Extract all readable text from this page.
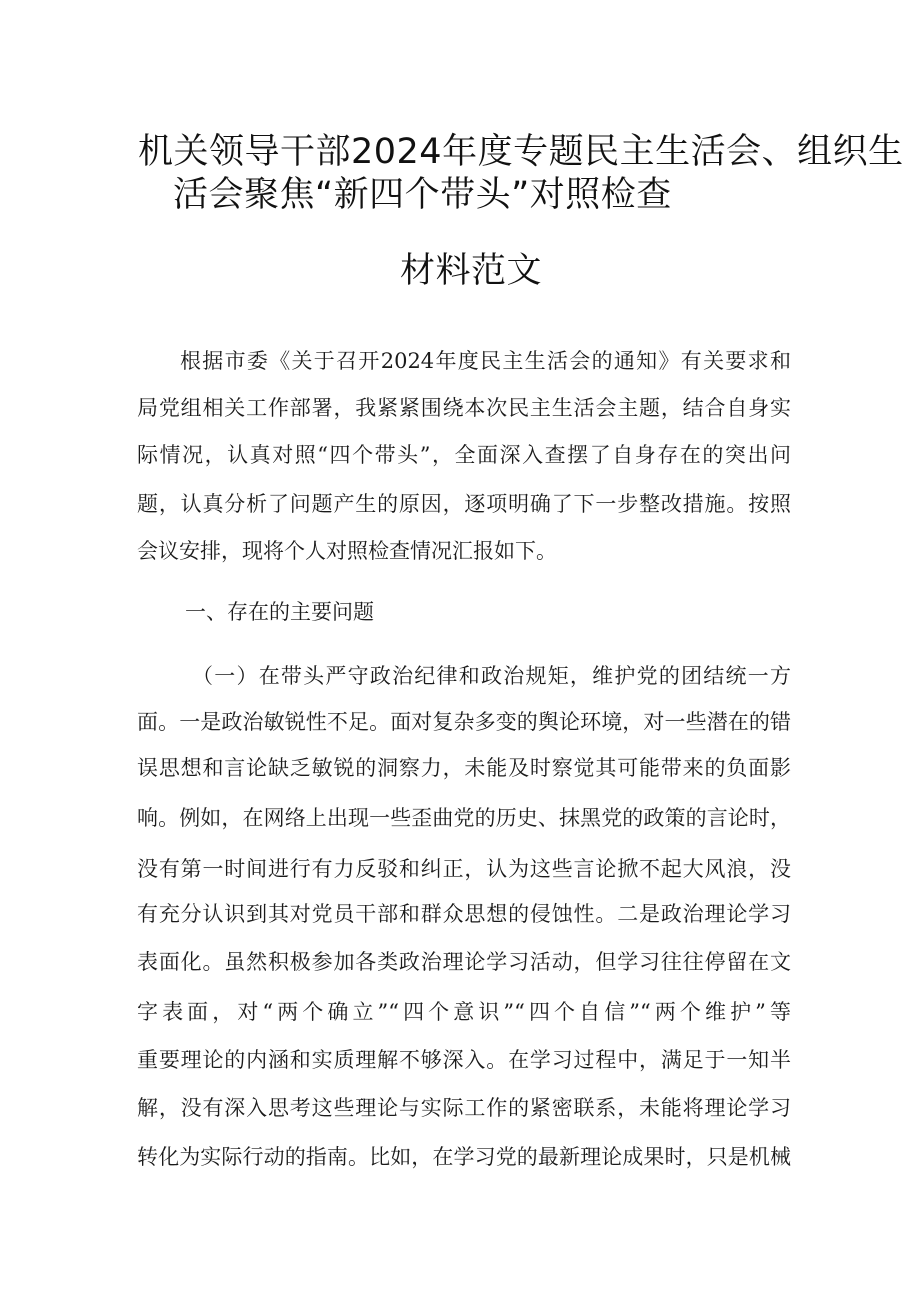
机关领导干部2024年度专题民主生活会、组织生
活会聚焦“新四个带头”对照检查
材料范文
根据市委《关于召开2024年度民主生活会的通知》有关要求和
局党组相关工作部署，我紧紧围绕本次民主生活会主题，结合自身实
际情况，认真对照“四个带头”，全面深入查摆了自身存在的突出问
题，认真分析了问题产生的原因，逐项明确了下一步整改措施。按照
会议安排，现将个人对照检查情况汇报如下。
一、存在的主要问题
（一）在带头严守政治纪律和政治规矩，维护党的团结统一方
面。一是政治敏锐性不足。面对复杂多变的舆论环境，对一些潜在的错
误思想和言论缺乏敏锐的洞察力，未能及时察觉其可能带来的负面影
响。例如，在网络上出现一些歪曲党的历史、抹黑党的政策的言论时，
没有第一时间进行有力反驳和纠正，认为这些言论掀不起大风浪，没
有充分认识到其对党员干部和群众思想的侵蚀性。二是政治理论学习
表面化。虽然积极参加各类政治理论学习活动，但学习往往停留在文
字表面，对“两个确立”“四个意识”“四个自信”“两个维护”等
重要理论的内涵和实质理解不够深入。在学习过程中，满足于一知半
解，没有深入思考这些理论与实际工作的紧密联系，未能将理论学习
转化为实际行动的指南。比如，在学习党的最新理论成果时，只是机械
